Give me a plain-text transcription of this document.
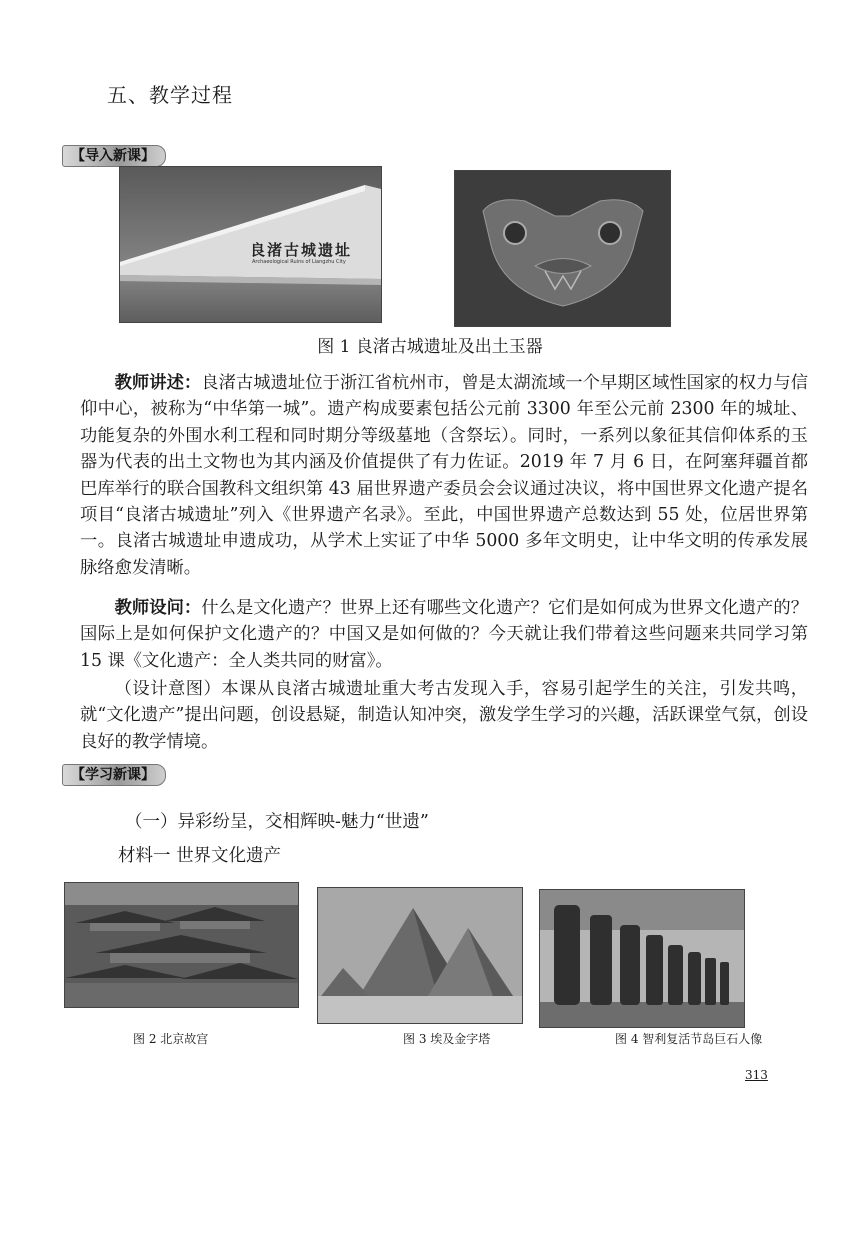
五、教学过程
【导入新课】
良渚古城遗址
Archaeological Ruins of Liangzhu City
图 1 良渚古城遗址及出土玉器

教师讲述：良渚古城遗址位于浙江省杭州市，曾是太湖流域一个早期区域性国家的权力与信仰中心，被称为“中华第一城”。遗产构成要素包括公元前 3300 年至公元前 2300 年的城址、功能复杂的外围水利工程和同时期分等级墓地（含祭坛）。同时，一系列以象征其信仰体系的玉器为代表的出土文物也为其内涵及价值提供了有力佐证。2019 年 7 月 6 日，在阿塞拜疆首都巴库举行的联合国教科文组织第 43 届世界遗产委员会会议通过决议，将中国世界文化遗产提名项目“良渚古城遗址”列入《世界遗产名录》。至此，中国世界遗产总数达到 55 处，位居世界第一。良渚古城遗址申遗成功，从学术上实证了中华 5000 多年文明史，让中华文明的传承发展脉络愈发清晰。

教师设问：什么是文化遗产？世界上还有哪些文化遗产？它们是如何成为世界文化遗产的？国际上是如何保护文化遗产的？中国又是如何做的？今天就让我们带着这些问题来共同学习第 15 课《文化遗产：全人类共同的财富》。

（设计意图）本课从良渚古城遗址重大考古发现入手，容易引起学生的关注，引发共鸣，就“文化遗产”提出问题，创设悬疑，制造认知冲突，激发学生学习的兴趣，活跃课堂气氛，创设良好的教学情境。

【学习新课】
（一）异彩纷呈，交相辉映-魅力“世遗”
材料一 世界文化遗产
图 2 北京故宫	图 3 埃及金字塔	图 4 智利复活节岛巨石人像
313
